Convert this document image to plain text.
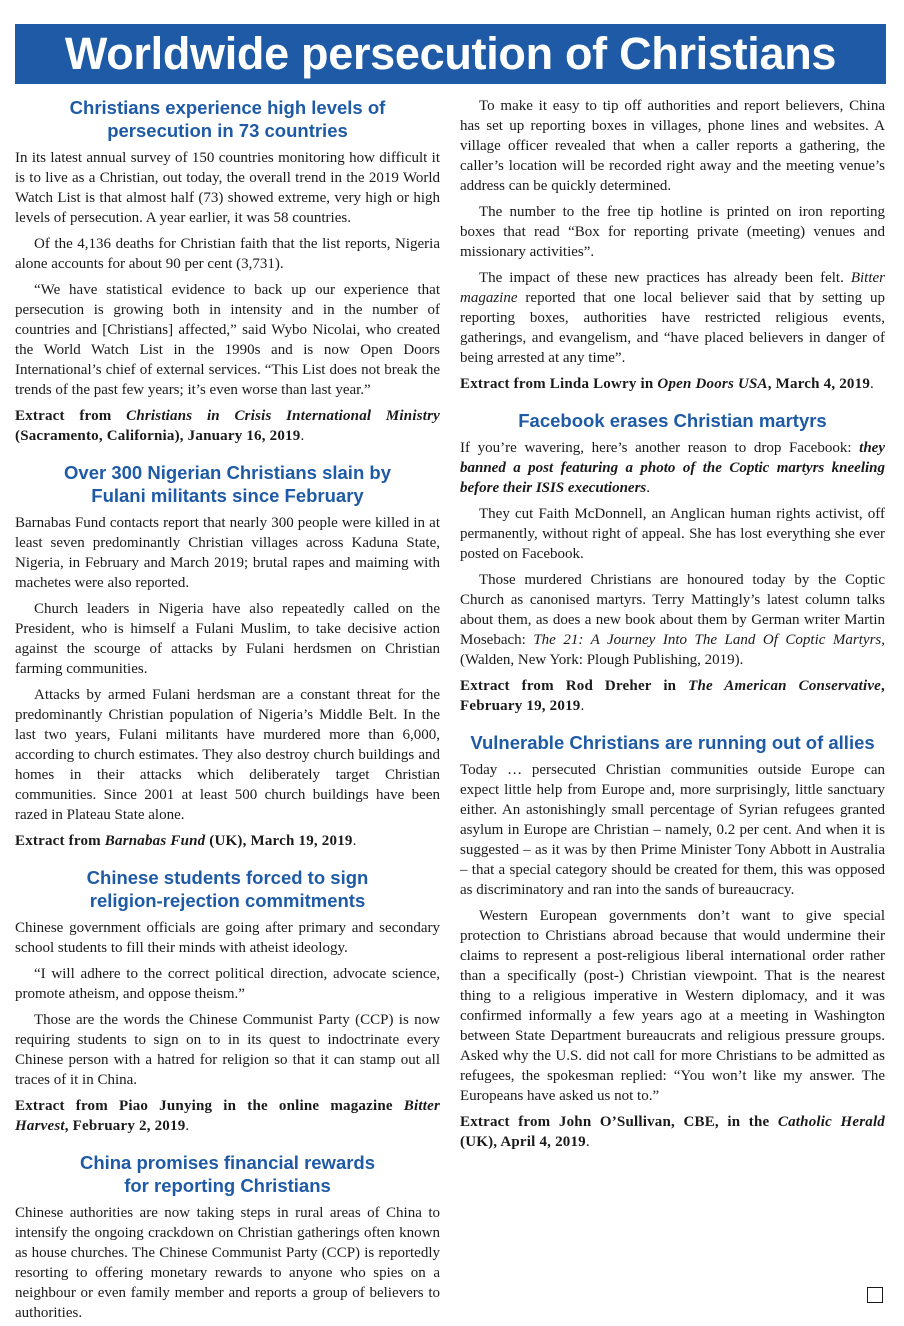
Worldwide persecution of Christians
Christians experience high levels of
persecution in 73 countries

In its latest annual survey of 150 countries monitoring how difficult it is to live as a Christian, out today, the overall trend in the 2019 World Watch List is that almost half (73) showed extreme, very high or high levels of persecution. A year earlier, it was 58 countries.

Of the 4,136 deaths for Christian faith that the list reports, Nigeria alone accounts for about 90 per cent (3,731).

“We have statistical evidence to back up our experience that persecution is growing both in intensity and in the number of countries and [Christians] affected,” said Wybo Nicolai, who created the World Watch List in the 1990s and is now Open Doors International’s chief of external services. “This List does not break the trends of the past few years; it’s even worse than last year.”

Extract from Christians in Crisis International Ministry (Sacramento, California), January 16, 2019.

Over 300 Nigerian Christians slain by
Fulani militants since February

Barnabas Fund contacts report that nearly 300 people were killed in at least seven predominantly Christian villages across Kaduna State, Nigeria, in February and March 2019; brutal rapes and maiming with machetes were also reported.

Church leaders in Nigeria have also repeatedly called on the President, who is himself a Fulani Muslim, to take decisive action against the scourge of attacks by Fulani herdsmen on Christian farming communities.

Attacks by armed Fulani herdsman are a constant threat for the predominantly Christian population of Nigeria’s Middle Belt. In the last two years, Fulani militants have murdered more than 6,000, according to church estimates. They also destroy church buildings and homes in their attacks which deliberately target Christian communities. Since 2001 at least 500 church buildings have been razed in Plateau State alone.

Extract from Barnabas Fund (UK), March 19, 2019.

Chinese students forced to sign
religion-rejection commitments

Chinese government officials are going after primary and secondary school students to fill their minds with atheist ideology.

“I will adhere to the correct political direction, advocate science, promote atheism, and oppose theism.”

Those are the words the Chinese Communist Party (CCP) is now requiring students to sign on to in its quest to indoctrinate every Chinese person with a hatred for religion so that it can stamp out all traces of it in China.

Extract from Piao Junying in the online magazine Bitter Harvest, February 2, 2019.

China promises financial rewards
for reporting Christians

Chinese authorities are now taking steps in rural areas of China to intensify the ongoing crackdown on Christian gatherings often known as house churches. The Chinese Communist Party (CCP) is reportedly resorting to offering monetary rewards to anyone who spies on a neighbour or even family member and reports a group of believers to authorities.

To make it easy to tip off authorities and report believers, China has set up reporting boxes in villages, phone lines and websites. A village officer revealed that when a caller reports a gathering, the caller’s location will be recorded right away and the meeting venue’s address can be quickly determined.

The number to the free tip hotline is printed on iron reporting boxes that read “Box for reporting private (meeting) venues and missionary activities”.

The impact of these new practices has already been felt. Bitter magazine reported that one local believer said that by setting up reporting boxes, authorities have restricted religious events, gatherings, and evangelism, and “have placed believers in danger of being arrested at any time”.

Extract from Linda Lowry in Open Doors USA, March 4, 2019.

Facebook erases Christian martyrs

If you’re wavering, here’s another reason to drop Facebook: they banned a post featuring a photo of the Coptic martyrs kneeling before their ISIS executioners.

They cut Faith McDonnell, an Anglican human rights activist, off permanently, without right of appeal. She has lost everything she ever posted on Facebook.

Those murdered Christians are honoured today by the Coptic Church as canonised martyrs. Terry Mattingly’s latest column talks about them, as does a new book about them by German writer Martin Mosebach: The 21: A Journey Into The Land Of Coptic Martyrs, (Walden, New York: Plough Publishing, 2019).

Extract from Rod Dreher in The American Conservative, February 19, 2019.

Vulnerable Christians are running out of allies

Today … persecuted Christian communities outside Europe can expect little help from Europe and, more surprisingly, little sanctuary either. An astonishingly small percentage of Syrian refugees granted asylum in Europe are Christian – namely, 0.2 per cent. And when it is suggested – as it was by then Prime Minister Tony Abbott in Australia – that a special category should be created for them, this was opposed as discriminatory and ran into the sands of bureaucracy.

Western European governments don’t want to give special protection to Christians abroad because that would undermine their claims to represent a post-religious liberal international order rather than a specifically (post-) Christian viewpoint. That is the nearest thing to a religious imperative in Western diplomacy, and it was confirmed informally a few years ago at a meeting in Washington between State Department bureaucrats and religious pressure groups. Asked why the U.S. did not call for more Christians to be admitted as refugees, the spokesman replied: “You won’t like my answer. The Europeans have asked us not to.”

Extract from John O’Sullivan, CBE, in the Catholic Herald (UK), April 4, 2019.
